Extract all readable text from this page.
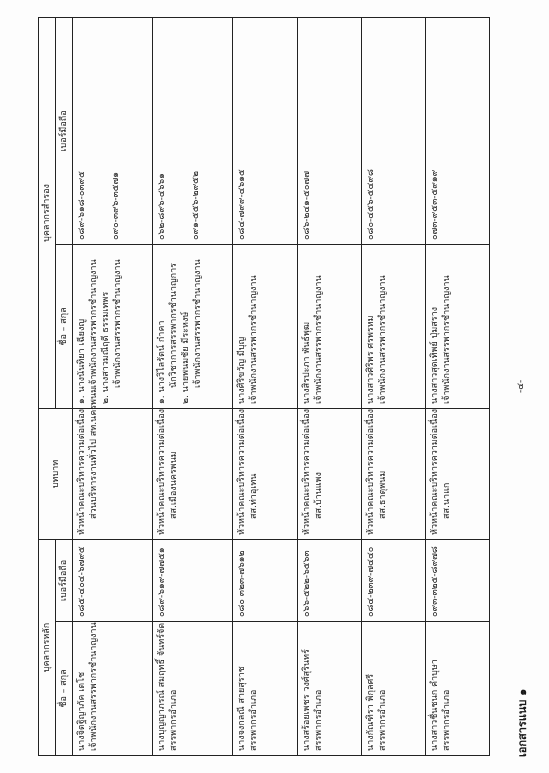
เอกสารแนบ ๑
-๔-
บุคลากรหลัก		บทบาท	บุคลากรสำรอง	
ชื่อ – สกุล	เบอร์มือถือ		ชื่อ – สกุล	เบอร์มือถือ

นางจิตฐิญาภัค เตโช เจ้าพนักงานสรรพากรชำนาญงาน	๐๘๕-๔๐๔-๖๗๙๕	หัวหน้าคณะบริหารความต่อเนื่อง ส่วนบริหารงานทั่วไป สท.นครพนม	๑. นางนันทิยา เฉียงญู เจ้าพนักงานสรรพากรชำนาญงาน ๒. นางสาวมณีฤดี ธรรมเทพร เจ้าพนักงานสรรพากรชำนาญงาน	๐๘๙-๖๑๘-๐๓๙๕ ๐๙๐-๓๙๖-๓๕๗๑

นางบุญญาภรณ์ สมฤทธิ์ จันทร์จัด สรรพากรอำเภอ	๐๘๙-๖๑๙-๗๗๕๑	หัวหน้าคณะบริหารความต่อเนื่อง สส.เมืองนครพนม	๑. นางวิไลรัตน์ ก๋าคา นักวิชาการสรรพากรชำนาญการ ๒. นายพนมชัย มีระหงษ์ เจ้าพนักงานสรรพากรชำนาญงาน	๐๖๒-๘๙๖-๔๖๖๑ ๐๙๑-๕๕๖-๒๙๕๒

นางจงกลณี สายสุราช สรรพากรอำเภอ	๐๘๐ ๓๒๓-๗๖๑๒	หัวหน้าคณะบริหารความต่อเนื่อง สส.ท่าอุเทน	นางศิริขวัญ มีบุญ เจ้าพนักงานสรรพากรชำนาญงาน	๐๘๔-๗๙๙-๔๖๑๕

นางสร้อยเพชร วงศ์สุรินทร์ สรรพากรอำเภอ	๐๖๖-๕๒๒-๖๕๖๓	หัวหน้าคณะบริหารความต่อเนื่อง สส.บ้านแพง	นางสิรปะภา พันธ์พุฒ เจ้าพนักงานสรรพากรชำนาญงาน	๐๘๖-๒๔๑-๕๐๗๗

นางกัณฑิรา พิกุลศรี สรรพากรอำเภอ	๐๘๔-๒๓๙-๗๔๔๐	หัวหน้าคณะบริหารความต่อเนื่อง สส.ธาตุพนม	นางสาวศิริพร ศรพรหม เจ้าพนักงานสรรพากรชำนาญงาน	๐๘๐-๔๕๖-๕๔๙๘

นางสาวชื่นชนก คำบุษา สรรพากรอำเภอ	๐๙๓-๓๒๕-๘๙๗๘	หัวหน้าคณะบริหารความต่อเนื่อง สส.นาแก	นางสาวสุดเทิพย์ ปุ่มสราง เจ้าพนักงานสรรพากรชำนาญงาน	๐๗๓-๙๕๓-๕๙๑๙
